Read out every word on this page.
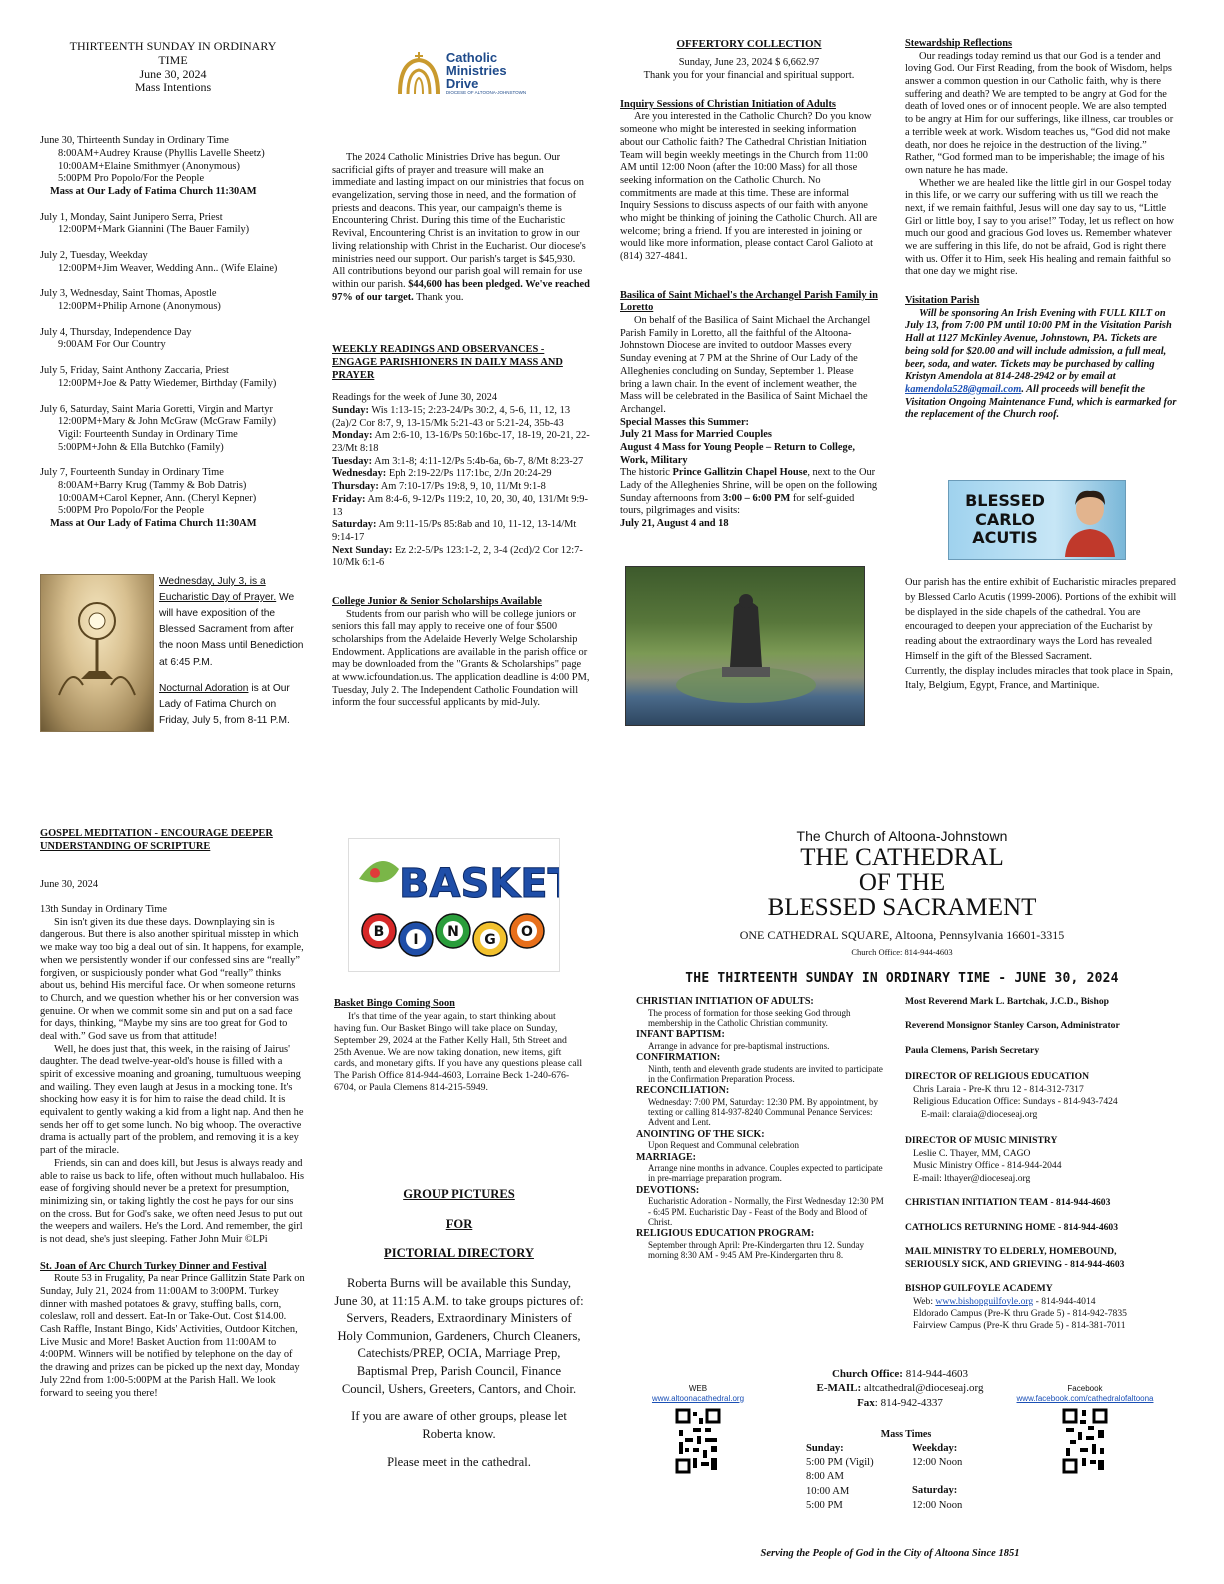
THIRTEENTH SUNDAY IN ORDINARY
TIME
June 30, 2024
Mass Intentions
June 30, Thirteenth Sunday in Ordinary Time
8:00AM+Audrey Krause (Phyllis Lavelle Sheetz)
10:00AM+Elaine Smithmyer (Anonymous)
5:00PM Pro Popolo/For the People
Mass at Our Lady of Fatima Church 11:30AM
July 1, Monday, Saint Junipero Serra, Priest
12:00PM+Mark Giannini (The Bauer Family)
July 2, Tuesday, Weekday
12:00PM+Jim Weaver, Wedding Ann.. (Wife Elaine)
July 3, Wednesday, Saint Thomas, Apostle
12:00PM+Philip Arnone (Anonymous)
July 4, Thursday, Independence Day
9:00AM For Our Country
July 5, Friday, Saint Anthony Zaccaria, Priest
12:00PM+Joe & Patty Wiedemer, Birthday (Family)
July 6, Saturday, Saint Maria Goretti, Virgin and Martyr
12:00PM+Mary & John McGraw (McGraw Family)
Vigil: Fourteenth Sunday in Ordinary Time
5:00PM+John & Ella Butchko (Family)
July 7, Fourteenth Sunday in Ordinary Time
8:00AM+Barry Krug (Tammy & Bob Datris)
10:00AM+Carol Kepner, Ann. (Cheryl Kepner)
5:00PM Pro Popolo/For the People
Mass at Our Lady of Fatima Church 11:30AM
Wednesday, July 3, is a Eucharistic Day of Prayer. We will have exposition of the Blessed Sacrament from after the noon Mass until Benediction at 6:45 P.M.
Nocturnal Adoration is at Our Lady of Fatima Church on Friday, July 5, from 8-11 P.M.
Catholic Ministries Drive
DIOCESE OF ALTOONA-JOHNSTOWN

The 2024 Catholic Ministries Drive has begun. Our sacrificial gifts of prayer and treasure will make an immediate and lasting impact on our ministries that focus on evangelization, serving those in need, and the formation of priests and deacons. This year, our campaign's theme is Encountering Christ. During this time of the Eucharistic Revival, Encountering Christ is an invitation to grow in our living relationship with Christ in the Eucharist. Our diocese's ministries need our support. Our parish's target is $45,930. All contributions beyond our parish goal will remain for use within our parish. $44,600 has been pledged. We've reached 97% of our target. Thank you.

WEEKLY READINGS AND OBSERVANCES - ENGAGE PARISHIONERS IN DAILY MASS AND PRAYER
Readings for the week of June 30, 2024
Sunday: Wis 1:13-15; 2:23-24/Ps 30:2, 4, 5-6, 11, 12, 13 (2a)/2 Cor 8:7, 9, 13-15/Mk 5:21-43 or 5:21-24, 35b-43
Monday: Am 2:6-10, 13-16/Ps 50:16bc-17, 18-19, 20-21, 22-23/Mt 8:18
Tuesday: Am 3:1-8; 4:11-12/Ps 5:4b-6a, 6b-7, 8/Mt 8:23-27
Wednesday: Eph 2:19-22/Ps 117:1bc, 2/Jn 20:24-29
Thursday: Am 7:10-17/Ps 19:8, 9, 10, 11/Mt 9:1-8
Friday: Am 8:4-6, 9-12/Ps 119:2, 10, 20, 30, 40, 131/Mt 9:9-13
Saturday: Am 9:11-15/Ps 85:8ab and 10, 11-12, 13-14/Mt 9:14-17
Next Sunday: Ez 2:2-5/Ps 123:1-2, 2, 3-4 (2cd)/2 Cor 12:7-10/Mk 6:1-6
College Junior & Senior Scholarships Available

Students from our parish who will be college juniors or seniors this fall may apply to receive one of four $500 scholarships from the Adelaide Heverly Welge Scholarship Endowment. Applications are available in the parish office or may be downloaded from the "Grants & Scholarships" page at www.icfoundation.us. The application deadline is 4:00 PM, Tuesday, July 2. The Independent Catholic Foundation will inform the four successful applicants by mid-July.

OFFERTORY COLLECTION
Sunday, June 23, 2024 $ 6,662.97
Thank you for your financial and spiritual support.
Inquiry Sessions of Christian Initiation of Adults

Are you interested in the Catholic Church? Do you know someone who might be interested in seeking information about our Catholic faith? The Cathedral Christian Initiation Team will begin weekly meetings in the Church from 11:00 AM until 12:00 Noon (after the 10:00 Mass) for all those seeking information on the Catholic Church. No commitments are made at this time. These are informal Inquiry Sessions to discuss aspects of our faith with anyone who might be thinking of joining the Catholic Church. All are welcome; bring a friend. If you are interested in joining or would like more information, please contact Carol Galioto at (814) 327-4841.

Basilica of Saint Michael's the Archangel Parish Family in Loretto

On behalf of the Basilica of Saint Michael the Archangel Parish Family in Loretto, all the faithful of the Altoona-Johnstown Diocese are invited to outdoor Masses every Sunday evening at 7 PM at the Shrine of Our Lady of the Alleghenies concluding on Sunday, September 1. Please bring a lawn chair. In the event of inclement weather, the Mass will be celebrated in the Basilica of Saint Michael the Archangel.

Special Masses this Summer:
July 21 Mass for Married Couples
August 4 Mass for Young People – Return to College, Work, Military

The historic Prince Gallitzin Chapel House, next to the Our Lady of the Alleghenies Shrine, will be open on the following Sunday afternoons from 3:00 – 6:00 PM for self-guided tours, pilgrimages and visits:

July 21, August 4 and 18
Stewardship Reflections

Our readings today remind us that our God is a tender and loving God. Our First Reading, from the book of Wisdom, helps answer a common question in our Catholic faith, why is there suffering and death? We are tempted to be angry at God for the death of loved ones or of innocent people. We are also tempted to be angry at Him for our sufferings, like illness, car troubles or a terrible week at work. Wisdom teaches us, “God did not make death, nor does he rejoice in the destruction of the living.” Rather, “God formed man to be imperishable; the image of his own nature he has made.

Whether we are healed like the little girl in our Gospel today in this life, or we carry our suffering with us till we reach the next, if we remain faithful, Jesus will one day say to us, “Little Girl or little boy, I say to you arise!” Today, let us reflect on how much our good and gracious God loves us. Remember whatever we are suffering in this life, do not be afraid, God is right there with us. Offer it to Him, seek His healing and remain faithful so that one day we might rise.

Visitation Parish

Will be sponsoring An Irish Evening with FULL KILT on July 13, from 7:00 PM until 10:00 PM in the Visitation Parish Hall at 1127 McKinley Avenue, Johnstown, PA. Tickets are being sold for $20.00 and will include admission, a full meal, beer, soda, and water. Tickets may be purchased by calling Kristyn Amendola at 814-248-2942 or by email at kamendola528@gmail.com. All proceeds will benefit the Visitation Ongoing Maintenance Fund, which is earmarked for the replacement of the Church roof.

BLESSED
CARLO
ACUTIS

Our parish has the entire exhibit of Eucharistic miracles prepared by Blessed Carlo Acutis (1999-2006). Portions of the exhibit will be displayed in the side chapels of the cathedral. You are encouraged to deepen your appreciation of the Eucharist by reading about the extraordinary ways the Lord has revealed Himself in the gift of the Blessed Sacrament.

Currently, the display includes miracles that took place in Spain, Italy, Belgium, Egypt, France, and Martinique.

GOSPEL MEDITATION - ENCOURAGE DEEPER UNDERSTANDING OF SCRIPTURE
June 30, 2024
13th Sunday in Ordinary Time

Sin isn't given its due these days. Downplaying sin is dangerous. But there is also another spiritual misstep in which we make way too big a deal out of sin. It happens, for example, when we persistently wonder if our confessed sins are “really” forgiven, or suspiciously ponder what God “really” thinks about us, behind His merciful face. Or when someone returns to Church, and we question whether his or her conversion was genuine. Or when we commit some sin and put on a sad face for days, thinking, “Maybe my sins are too great for God to deal with.” God save us from that attitude!

Well, he does just that, this week, in the raising of Jairus' daughter. The dead twelve-year-old's house is filled with a spirit of excessive moaning and groaning, tumultuous weeping and wailing. They even laugh at Jesus in a mocking tone. It's shocking how easy it is for him to raise the dead child. It is equivalent to gently waking a kid from a light nap. And then he sends her off to get some lunch. No big whoop. The overactive drama is actually part of the problem, and removing it is a key part of the miracle.

Friends, sin can and does kill, but Jesus is always ready and able to raise us back to life, often without much hullabaloo. His ease of forgiving should never be a pretext for presumption, minimizing sin, or taking lightly the cost he pays for our sins on the cross. But for God's sake, we often need Jesus to put out the weepers and wailers. He's the Lord. And remember, the girl is not dead, she's just sleeping. Father John Muir ©LPi

St. Joan of Arc Church Turkey Dinner and Festival

Route 53 in Frugality, Pa near Prince Gallitzin State Park on Sunday, July 21, 2024 from 11:00AM to 3:00PM. Turkey dinner with mashed potatoes & gravy, stuffing balls, corn, coleslaw, roll and dessert. Eat-In or Take-Out. Cost $14.00. Cash Raffle, Instant Bingo, Kids' Activities, Outdoor Kitchen, Live Music and More! Basket Auction from 11:00AM to 4:00PM. Winners will be notified by telephone on the day of the drawing and prizes can be picked up the next day, Monday July 22nd from 1:00-5:00PM at the Parish Hall. We look forward to seeing you there!

BASKET
B I N G O
Basket Bingo Coming Soon

It's that time of the year again, to start thinking about having fun. Our Basket Bingo will take place on Sunday, September 29, 2024 at the Father Kelly Hall, 5th Street and 25th Avenue. We are now taking donation, new items, gift cards, and monetary gifts. If you have any questions please call The Parish Office 814-944-4603, Lorraine Beck 1-240-676-6704, or Paula Clemens 814-215-5949.

GROUP PICTURES
FOR
PICTORIAL DIRECTORY

Roberta Burns will be available this Sunday, June 30, at 11:15 A.M. to take groups pictures of: Servers, Readers, Extraordinary Ministers of Holy Communion, Gardeners, Church Cleaners, Catechists/PREP, OCIA, Marriage Prep, Baptismal Prep, Parish Council, Finance Council, Ushers, Greeters, Cantors, and Choir.

If you are aware of other groups, please let Roberta know.

Please meet in the cathedral.

The Church of Altoona-Johnstown
THE CATHEDRAL
OF THE
BLESSED SACRAMENT
ONE CATHEDRAL SQUARE, Altoona, Pennsylvania 16601-3315
Church Office: 814-944-4603
THE THIRTEENTH SUNDAY IN ORDINARY TIME - JUNE 30, 2024
CHRISTIAN INITIATION OF ADULTS:
The process of formation for those seeking God through membership in the Catholic Christian community.
INFANT BAPTISM:
Arrange in advance for pre-baptismal instructions.
CONFIRMATION:
Ninth, tenth and eleventh grade students are invited to participate in the Confirmation Preparation Process.
RECONCILIATION:
Wednesday: 7:00 PM, Saturday: 12:30 PM. By appointment, by texting or calling 814-937-8240 Communal Penance Services: Advent and Lent.
ANOINTING OF THE SICK:
Upon Request and Communal celebration
MARRIAGE:
Arrange nine months in advance. Couples expected to participate in pre-marriage preparation program.
DEVOTIONS:
Eucharistic Adoration - Normally, the First Wednesday 12:30 PM - 6:45 PM. Eucharistic Day - Feast of the Body and Blood of Christ.
RELIGIOUS EDUCATION PROGRAM:
September through April: Pre-Kindergarten thru 12. Sunday morning 8:30 AM - 9:45 AM Pre-Kindergarten thru 8.
Most Reverend Mark L. Bartchak, J.C.D., Bishop
Reverend Monsignor Stanley Carson, Administrator
Paula Clemens, Parish Secretary
DIRECTOR OF RELIGIOUS EDUCATION
Chris Laraia - Pre-K thru 12 - 814-312-7317
Religious Education Office: Sundays - 814-943-7424
E-mail: claraia@dioceseaj.org
DIRECTOR OF MUSIC MINISTRY
Leslie C. Thayer, MM, CAGO
Music Ministry Office - 814-944-2044
E-mail: lthayer@dioceseaj.org
CHRISTIAN INITIATION TEAM - 814-944-4603
CATHOLICS RETURNING HOME - 814-944-4603
MAIL MINISTRY TO ELDERLY, HOMEBOUND,
SERIOUSLY SICK, AND GRIEVING - 814-944-4603
BISHOP GUILFOYLE ACADEMY
Web: www.bishopguilfoyle.org - 814-944-4014
Eldorado Campus (Pre-K thru Grade 5) - 814-942-7835
Fairview Campus (Pre-K thru Grade 5) - 814-381-7011
Church Office: 814-944-4603
E-MAIL: altcathedral@dioceseaj.org
Fax: 814-942-4337
WEB
www.altoonacathedral.org
Facebook
www.facebook.com/cathedralofaltoona
Mass Times
Sunday:
5:00 PM (Vigil)
8:00 AM
10:00 AM
5:00 PM
Weekday:
12:00 Noon
Saturday:
12:00 Noon
Serving the People of God in the City of Altoona Since 1851
